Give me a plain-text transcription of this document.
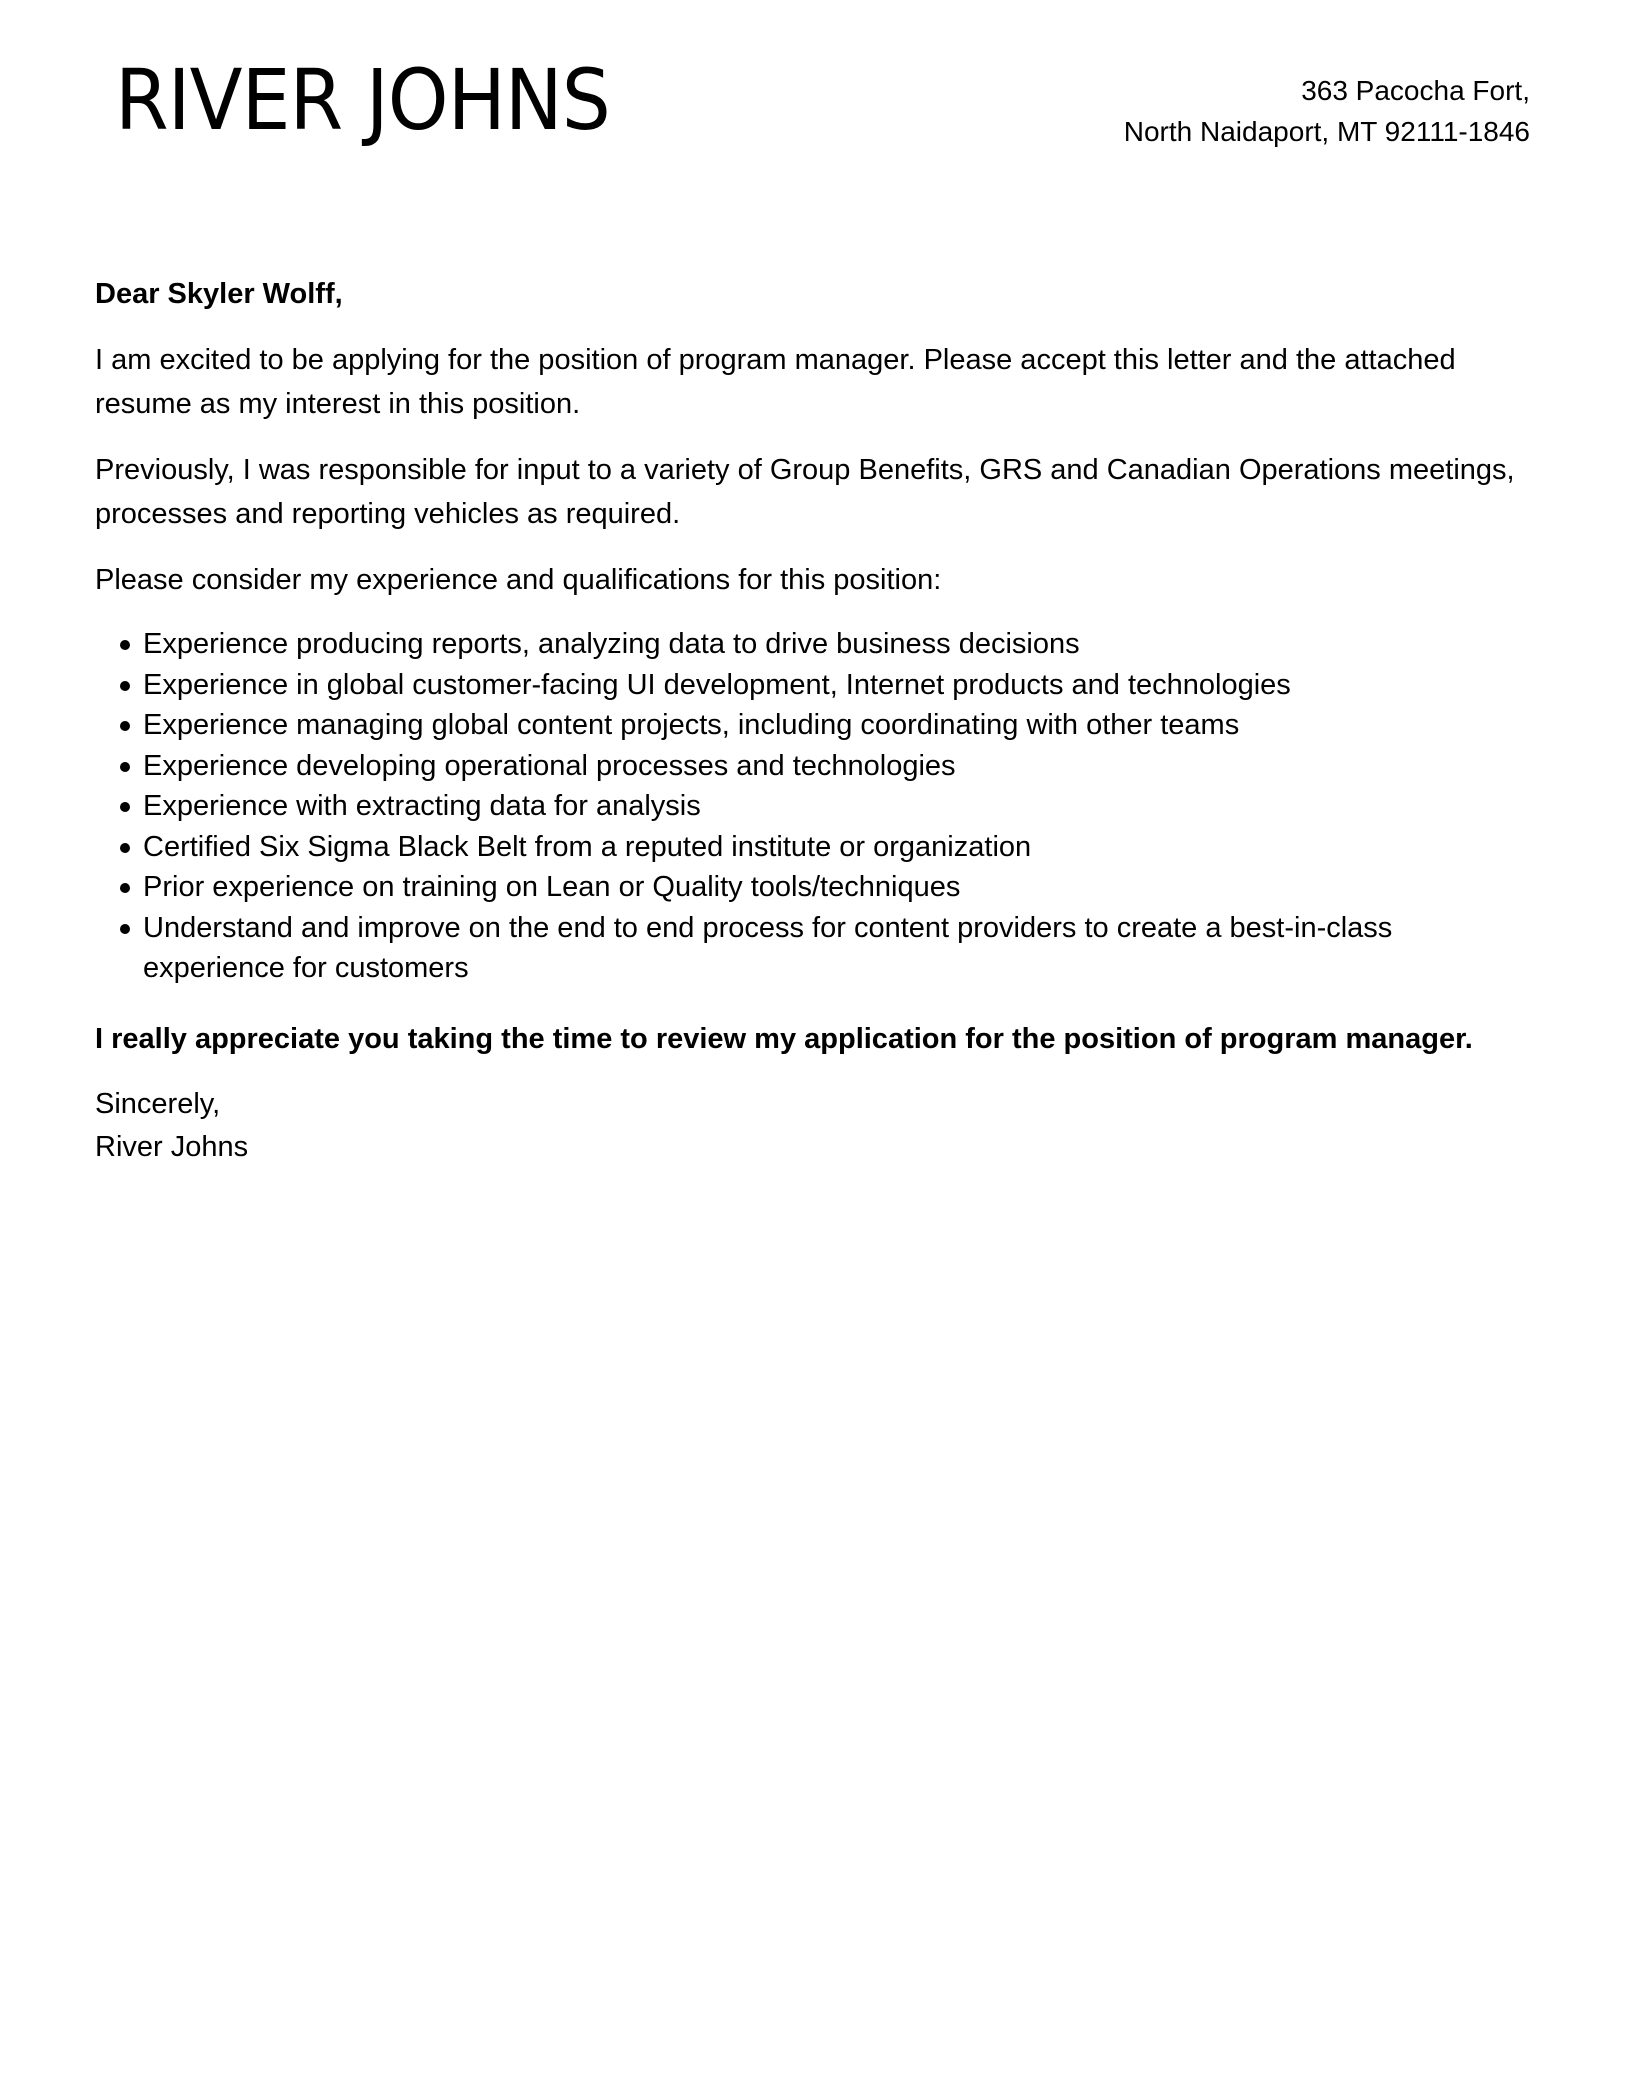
RIVER JOHNS	363 Pacocha Fort,
North Naidaport, MT 92111-1846

Dear Skyler Wolff,

I am excited to be applying for the position of program manager. Please accept this letter and the attached resume as my interest in this position.

Previously, I was responsible for input to a variety of Group Benefits, GRS and Canadian Operations meetings, processes and reporting vehicles as required.

Please consider my experience and qualifications for this position:

Experience producing reports, analyzing data to drive business decisions
Experience in global customer-facing UI development, Internet products and technologies
Experience managing global content projects, including coordinating with other teams
Experience developing operational processes and technologies
Experience with extracting data for analysis
Certified Six Sigma Black Belt from a reputed institute or organization
Prior experience on training on Lean or Quality tools/techniques
Understand and improve on the end to end process for content providers to create a best-in-class experience for customers

I really appreciate you taking the time to review my application for the position of program manager.

Sincerely,
River Johns
